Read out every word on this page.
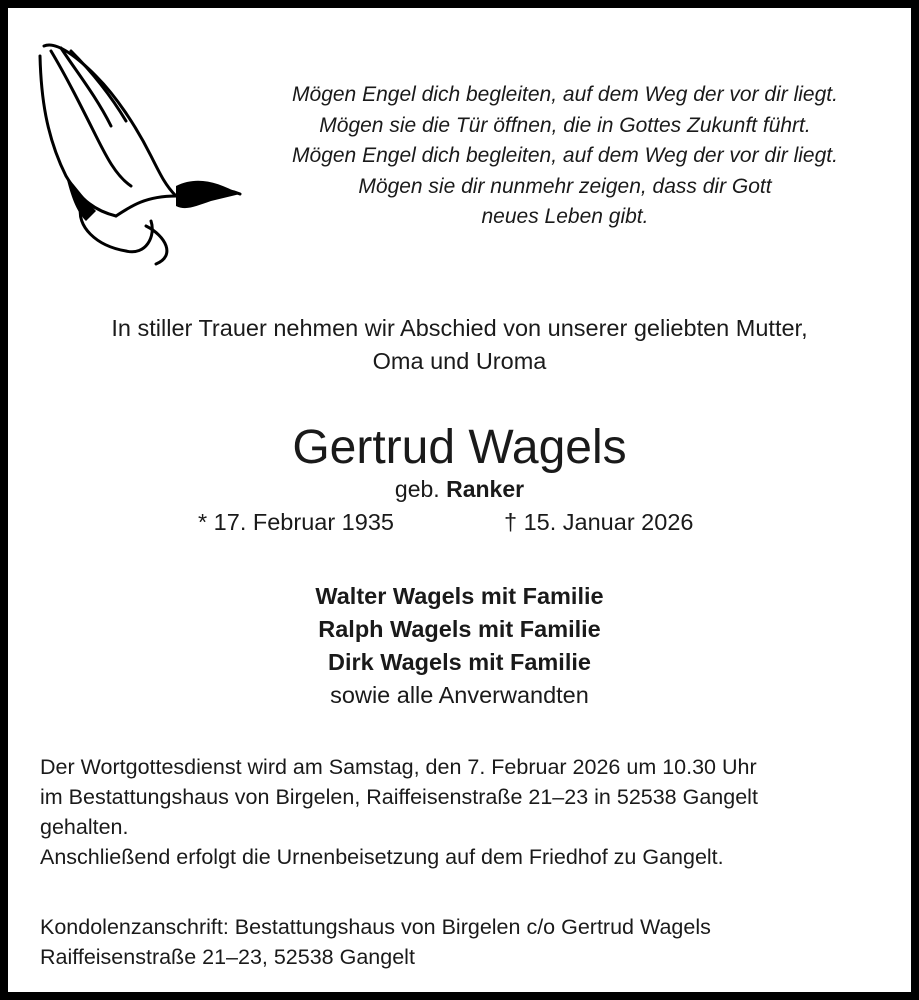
Mögen Engel dich begleiten, auf dem Weg der vor dir liegt.
Mögen sie die Tür öffnen, die in Gottes Zukunft führt.
Mögen Engel dich begleiten, auf dem Weg der vor dir liegt.
Mögen sie dir nunmehr zeigen, dass dir Gott
neues Leben gibt.
In stiller Trauer nehmen wir Abschied von unserer geliebten Mutter,
Oma und Uroma
Gertrud Wagels
geb. Ranker
* 17. Februar 1935	† 15. Januar 2026
Walter Wagels mit Familie
Ralph Wagels mit Familie
Dirk Wagels mit Familie
sowie alle Anverwandten
Der Wortgottesdienst wird am Samstag, den 7. Februar 2026 um 10.30 Uhr
im Bestattungshaus von Birgelen, Raiffeisenstraße 21–23 in 52538 Gangelt
gehalten.
Anschließend erfolgt die Urnenbeisetzung auf dem Friedhof zu Gangelt.
Kondolenzanschrift: Bestattungshaus von Birgelen c/o Gertrud Wagels
Raiffeisenstraße 21–23, 52538 Gangelt
